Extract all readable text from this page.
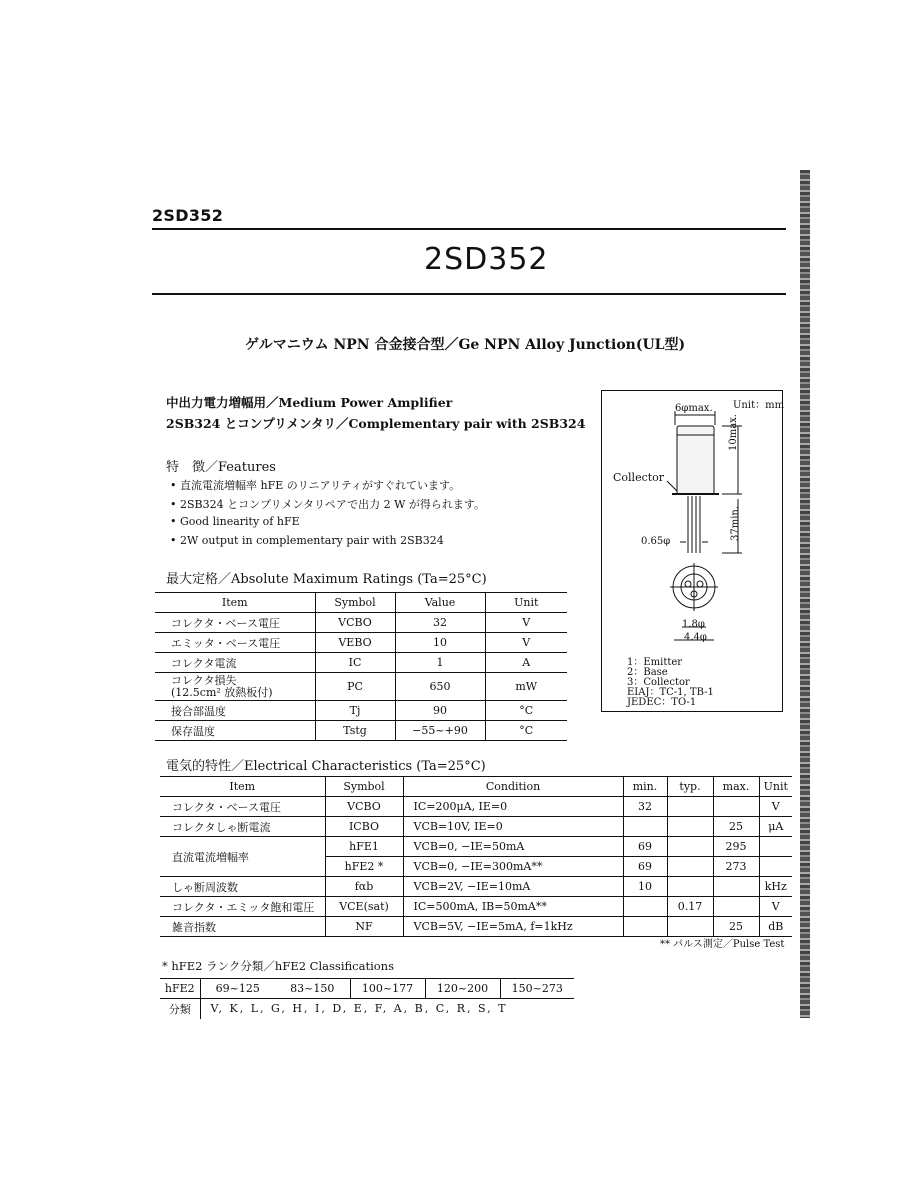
2SD352
2SD352
ゲルマニウム NPN 合金接合型／Ge NPN Alloy Junction(UL型)
中出力電力増幅用／Medium Power Amplifier
2SB324 とコンプリメンタリ／Complementary pair with 2SB324
特　徴／Features
• 直流電流増幅率 hFE のリニアリティがすぐれています。
• 2SB324 とコンプリメンタリペアで出力 2 W が得られます。
• Good linearity of hFE
• 2W output in complementary pair with 2SB324
最大定格／Absolute Maximum Ratings (Ta=25°C)
Item	Symbol	Value	Unit
コレクタ・ベース電圧	VCBO	32	V
エミッタ・ベース電圧	VEBO	10	V
コレクタ電流	IC	1	A

コレクタ損失
(12.5cm² 放熱板付)	PC	650	mW
接合部温度	Tj	90	°C
保存温度	Tstg	−55~+90	°C
電気的特性／Electrical Characteristics (Ta=25°C)
Item	Symbol	Condition	min.	typ.	max.	Unit
コレクタ・ベース電圧	VCBO	IC=200μA, IE=0	32			V
コレクタしゃ断電流	ICBO	VCB=10V, IE=0			25	μA
直流電流増幅率	hFE1	VCB=0, −IE=50mA	69		295	
	hFE2 *	VCB=0, −IE=300mA**	69		273	
しゃ断周波数	fαb	VCB=2V, −IE=10mA	10			kHz
コレクタ・エミッタ飽和電圧	VCE(sat)	IC=500mA, IB=50mA**		0.17		V
雑音指数	NF	VCB=5V, −IE=5mA, f=1kHz			25	dB
** パルス測定／Pulse Test
* hFE2 ランク分類／hFE2 Classifications
hFE2	69~125	83~150	100~177	120~200	150~273
分類	V, K, L, G, H, I, D, E, F, A, B, C, R, S, T				
Unit：mm
6φmax.
10max.
37min.
Collector
0.65φ
1.8φ
4.4φ
1：Emitter
2：Base
3：Collector
EIAJ：TC-1, TB-1
JEDEC：TO-1
